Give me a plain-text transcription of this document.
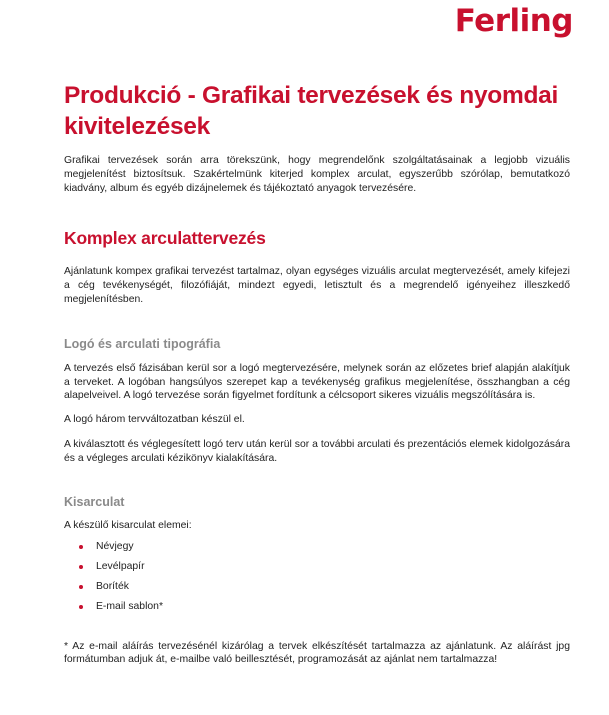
Ferling
Produkció - Grafikai tervezések és nyomdai kivitelezések

Grafikai tervezések során arra törekszünk, hogy megrendelőnk szolgáltatásainak a legjobb vizuális megjelenítést biztosítsuk. Szakértelmünk kiterjed komplex arculat, egyszerűbb szórólap, bemutatkozó kiadvány, album és egyéb dizájnelemek és tájékoztató anyagok tervezésére.

Komplex arculattervezés

Ajánlatunk kompex grafikai tervezést tartalmaz, olyan egységes vizuális arculat megtervezését, amely kifejezi a cég tevékenységét, filozófiáját, mindezt egyedi, letisztult és a megrendelő igényeihez illeszkedő megjelenítésben.

Logó és arculati tipográfia

A tervezés első fázisában kerül sor a logó megtervezésére, melynek során az előzetes brief alapján alakítjuk a terveket. A logóban hangsúlyos szerepet kap a tevékenység grafikus megjelenítése, összhangban a cég alapelveivel. A logó tervezése során figyelmet fordítunk a célcsoport sikeres vizuális megszólítására is.

A logó három tervváltozatban készül el.

A kiválasztott és véglegesített logó terv után kerül sor a további arculati és prezentációs elemek kidolgozására és a végleges arculati kézikönyv kialakítására.

Kisarculat

A készülő kisarculat elemei:

Névjegy
Levélpapír
Boríték
E-mail sablon*

* Az e-mail aláírás tervezésénél kizárólag a tervek elkészítését tartalmazza az ajánlatunk. Az aláírást jpg formátumban adjuk át, e-mailbe való beillesztését, programozását az ajánlat nem tartalmazza!
